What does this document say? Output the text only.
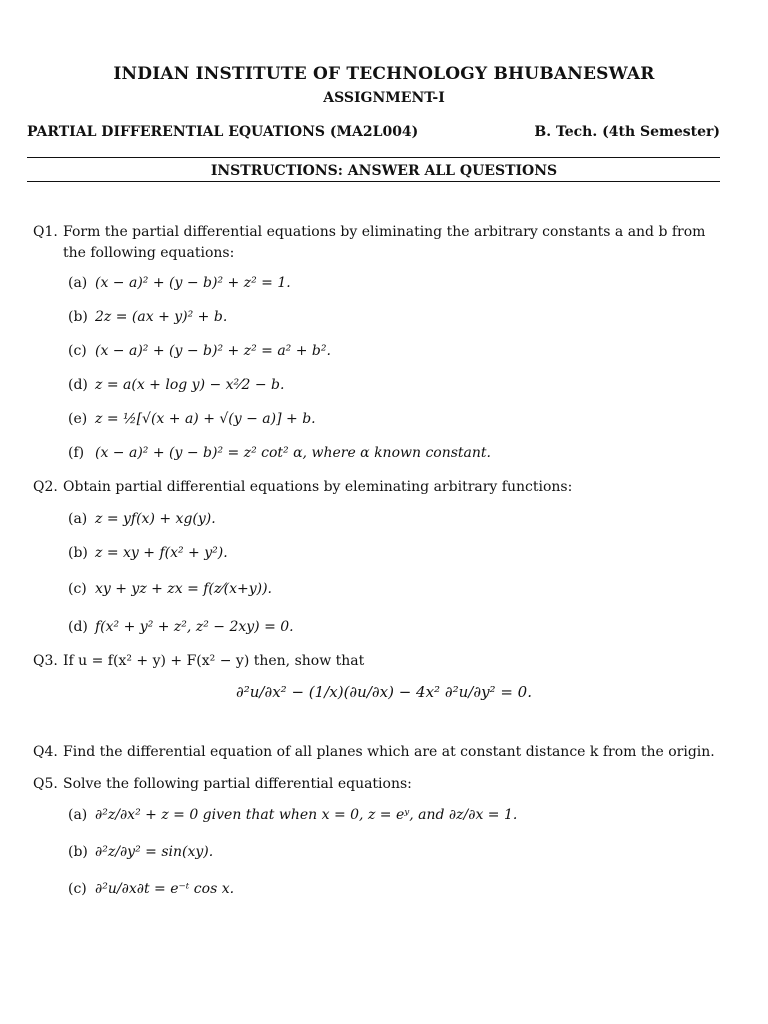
INDIAN INSTITUTE OF TECHNOLOGY BHUBANESWAR
ASSIGNMENT-I
PARTIAL DIFFERENTIAL EQUATIONS (MA2L004)	B. Tech. (4th Semester)
INSTRUCTIONS: ANSWER ALL QUESTIONS
Q1. Form the partial differential equations by eliminating the arbitrary constants a and b from the following equations:
(a) (x − a)² + (y − b)² + z² = 1.
(b) 2z = (ax + y)² + b.
(c) (x − a)² + (y − b)² + z² = a² + b².
(d) z = a(x + log y) − x²⁄2 − b.
(e) z = ½[√(x + a) + √(y − a)] + b.
(f) (x − a)² + (y − b)² = z² cot² α, where α known constant.
Q2. Obtain partial differential equations by eleminating arbitrary functions:
(a) z = yf(x) + xg(y).
(b) z = xy + f(x² + y²).
(c) xy + yz + zx = f(z⁄(x+y)).
(d) f(x² + y² + z², z² − 2xy) = 0.
Q3. If u = f(x² + y) + F(x² − y) then, show that
∂²u/∂x² − (1/x)(∂u/∂x) − 4x² ∂²u/∂y² = 0.
Q4. Find the differential equation of all planes which are at constant distance k from the origin.
Q5. Solve the following partial differential equations:
(a) ∂²z/∂x² + z = 0 given that when x = 0, z = eʸ, and ∂z/∂x = 1.
(b) ∂²z/∂y² = sin(xy).
(c) ∂²u/∂x∂t = e⁻ᵗ cos x.
